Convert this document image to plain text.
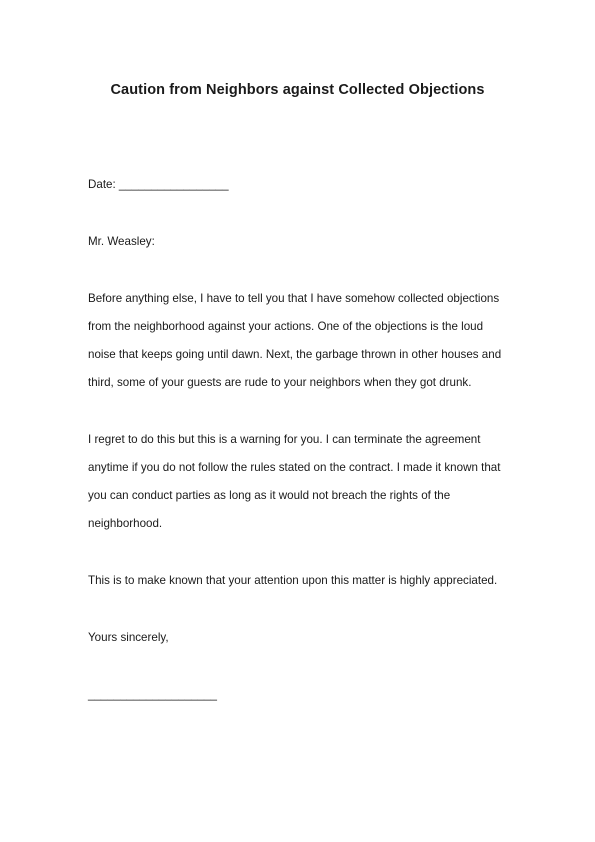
Caution from Neighbors against Collected Objections
Date: _________________
Mr. Weasley:
Before anything else, I have to tell you that I have somehow collected objections
from the neighborhood against your actions. One of the objections is the loud
noise that keeps going until dawn. Next, the garbage thrown in other houses and
third, some of your guests are rude to your neighbors when they got drunk.
I regret to do this but this is a warning for you. I can terminate the agreement
anytime if you do not follow the rules stated on the contract. I made it known that
you can conduct parties as long as it would not breach the rights of the
neighborhood.
This is to make known that your attention upon this matter is highly appreciated.
Yours sincerely,
____________________
